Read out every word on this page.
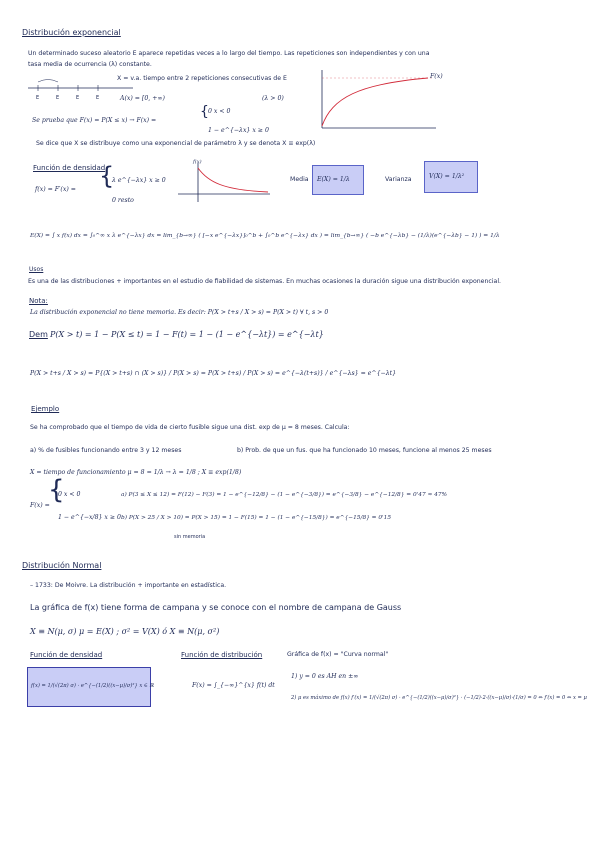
Distribución exponencial
Un determinado suceso aleatorio E aparece repetidas veces a lo largo del tiempo. Las repeticiones son independientes y con una
tasa media de ocurrencia (λ) constante.
E	E	E	E
X = v.a. tiempo entre 2 repeticiones consecutivas de E
A(x) = [0, +∞)	(λ > 0)
F(x)
Se prueba que F(x) = P(X ≤ x) → F(x) =
{ 0 x < 0
1 − e^{−λx} x ≥ 0
Se dice que X se distribuye como una exponencial de parámetro λ y se denota X ≡ exp(λ)
Función de densidad
f(x) = F′(x) = {
λ e^{−λx} x ≥ 0
0 resto
f(x)
Media E(X) = 1/λ	Varianza	V(X) = 1/λ²
E(X) = ∫ x f(x) dx = ∫₀^∞ x λ e^{−λx} dx = lim_{b→∞} ( [−x e^{−λx}]₀^b + ∫₀^b e^{−λx} dx ) = lim_{b→∞} ( −b e^{−λb} − (1/λ)(e^{−λb} − 1) ) = 1/λ
Usos
Es una de las distribuciones + importantes en el estudio de fiabilidad de sistemas. En muchas ocasiones la duración sigue una distribución exponencial.
Nota:
La distribución exponencial no tiene memoria. Es decir: P(X > t+s / X > s) = P(X > t) ∀ t, s > 0
Dem P(X > t) = 1 − P(X ≤ t) = 1 − F(t) = 1 − (1 − e^{−λt}) = e^{−λt}
P(X > t+s / X > s) = P{(X > t+s) ∩ (X > s)} / P(X > s) = P(X > t+s) / P(X > s) = e^{−λ(t+s)} / e^{−λs} = e^{−λt}
Ejemplo
Se ha comprobado que el tiempo de vida de cierto fusible sigue una dist. exp de μ = 8 meses. Calcula:
a) % de fusibles funcionando entre 3 y 12 meses	b) Prob. de que un fus. que ha funcionado 10 meses, funcione al menos 25 meses
X = tiempo de funcionamiento μ = 8 = 1/λ → λ = 1/8 ; X ≡ exp(1/8)
F(x) =
{
0 x < 0
1 − e^{−x/8} x ≥ 0
a) P(3 ≤ X ≤ 12) = F(12) − F(3) = 1 − e^{−12/8} − (1 − e^{−3/8}) = e^{−3/8} − e^{−12/8} = 0'47 ≈ 47%
b) P(X > 25 / X > 10) = P(X > 15) = 1 − F(15) = 1 − (1 − e^{−15/8}) = e^{−15/8} = 0'15
sin memoria
Distribución Normal
– 1733: De Moivre. La distribución + importante en estadística.
La gráfica de f(x) tiene forma de campana y se conoce con el nombre de campana de Gauss
X ≡ N(μ, σ) μ = E(X) ; σ² = V(X) ó X ≡ N(μ, σ²)
Función de densidad
f(x) = 1/(√(2π) σ) · e^{−(1/2)((x−μ)/σ)²} x ∈ ℝ
Función de distribución
F(x) = ∫_{−∞}^{x} f(t) dt
Gráfica de f(x) = "Curva normal"
1) y = 0 es AH en ±∞
2) μ es máximo de f(x) f′(x) = 1/(√(2π) σ) · e^{−(1/2)((x−μ)/σ)²} · (−1/2)·2·((x−μ)/σ)·(1/σ) = 0 ⇔ f′(x) = 0 ⇔ x = μ
